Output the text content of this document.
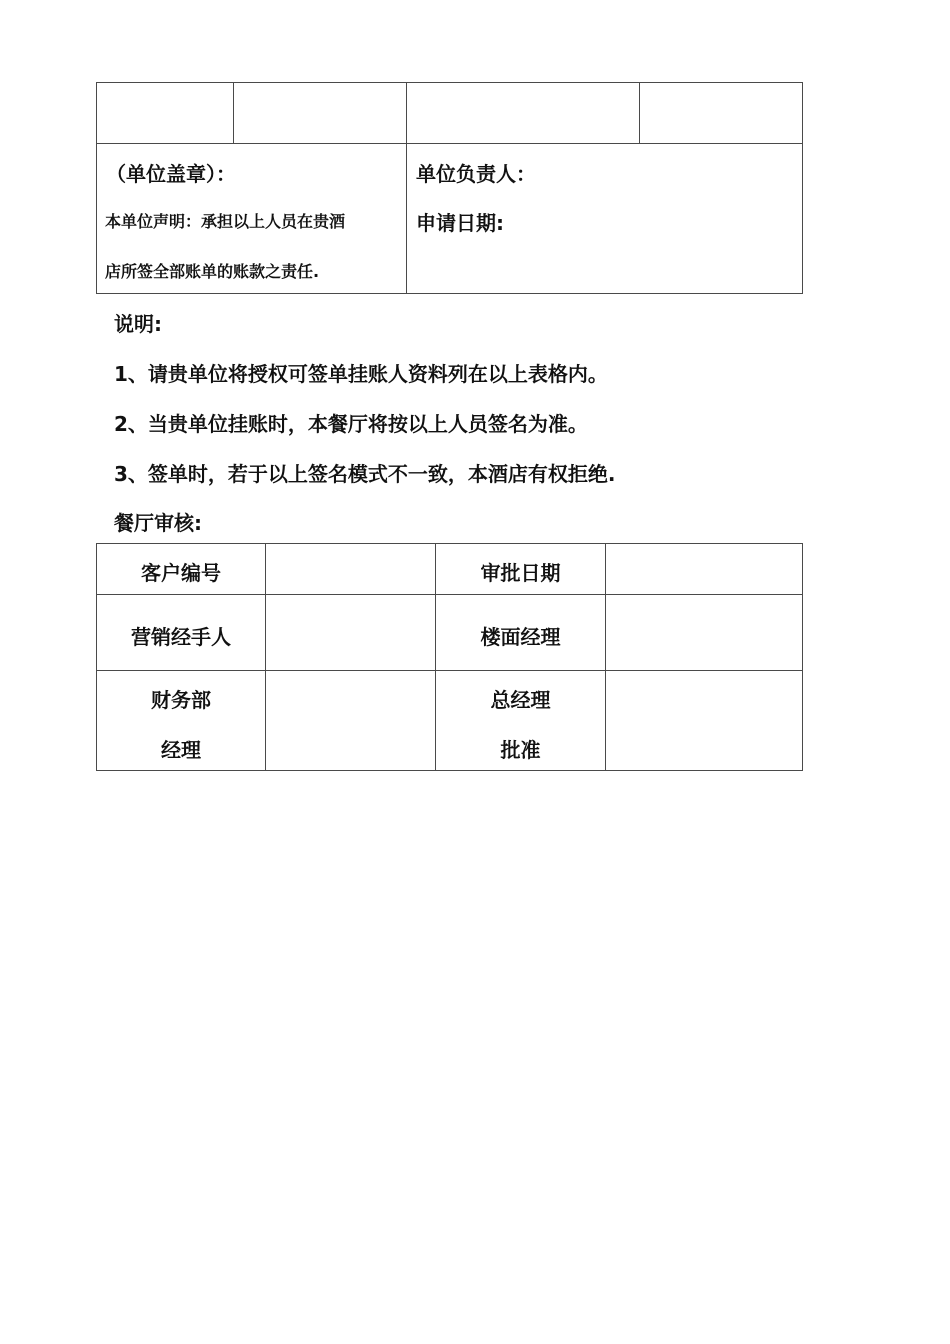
（单位盖章）：
本单位声明：承担以上人员在贵酒
店所签全部账单的账款之责任.
单位负责人：
申请日期:
说明:
1、请贵单位将授权可签单挂账人资料列在以上表格内。
2、当贵单位挂账时，本餐厅将按以上人员签名为准。
3、签单时，若于以上签名模式不一致，本酒店有权拒绝.
餐厅审核:
客户编号	审批日期
营销经手人	楼面经理
财务部
经理
总经理
批准
